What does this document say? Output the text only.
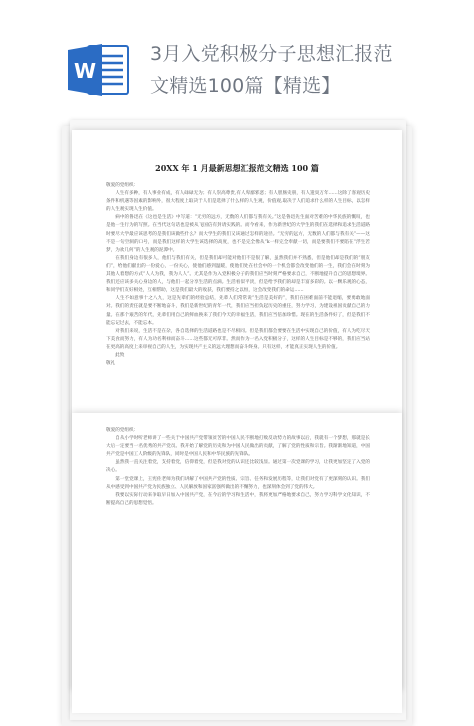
W
3月入党积极分子思想汇报范
文精选100篇【精选】
20XX 年 1 月最新思想汇报范文精选 100 篇

敬爱的党组织：

人生有多种，有人事业有成，有人碌碌无为；有人崇高尊贵,有人卑鄙邪恶；有人胆肠史册，有人遗臭万年……这除了客观历史条件和机遇等因素的影响外，很大程度上取决于人们是选择了什么样的人生观，价值观,取决于人们追求什么样的人生目标，以怎样的人生观实现人生价值。

病中的鲁迅在《这也是生活》中写道：“无穷的远方，无数的人们都与我有关。”这是鲁迅先生面对苦难的中华民族的慨叹，也是他一生行为的写照。在当代这句话也是被从飞国信有封请实践的。而今看来，作为新世纪的大学生的我们在选择和追求生活道路时要尽大学最应该思考的是我们该做些什么？而大学生的我们又该通过怎样的途径。“无穷的远方，无数的人们都与我有关”——这不是一句空洞的口号，而是我们这样的大学生该选择的高度，也不是完全像从“k一样完全奉献一切，而是要我们不要陷在“浮生若梦，为欢几何”的人生观的泥潭中。

在我们身边有很多人，他们与我们有关，但是我们却可能对他们不是很了解，虽然我们并不熟悉，但是他们却是我们的“朋友们”，给他们献出的一份爱心，一份关心，使他们感到温暖，使他们处在社会中的一个机会都会改变他们的一生，我们会在时刻为其他人着想的方式“人人为我，我为人人”。尤其是作为入党积极分子的我们应当时刻严格要求自己，不断地提升自己的思想境界。我们还应该多关心身边的人，与他们一起分享生活的点滴。生活看似平淡，但是给予我们的却是丰富多彩的。以一颗乐观的心态，和同学们友好相处，互相帮助，这是我们最大的收获，我们要持之以恒，这会改变我们的命运……

人生不如意事十之八九，这是先辈们的经验总结，先辈人们常常说“生活是美好的”，我们在困难面前不能退缩，要勇敢地面对。我们的责任就是要不断地奋斗，我们是新世纪的青年一代，我们应当担负起历史的重任，努力学习，为建设祖国贡献自己的力量。在那个艰苦的年代，先辈们用自己的鲜血换来了我们今天的幸福生活，我们应当倍加珍惜。现在的生活条件好了，但是我们不能忘记过去，不能忘本。

对我们来说，生活不是在杂，各自选择的生活道路也是不尽相同。但是我们都会要要在生活中实现自己的价值，有人为吃尽天下美食而努力，有人为功名利禄而奋斗……这些都无可厚非。然而作为一名入党积极分子，这样的人生目标是不够的，我们应当站在更高的高度上来审视自己的人生，为实现共产主义的远大理想而奋斗终身。只有这样，才能真正实现人生的价值。

此致

敬礼

敬爱的党组织：

自从小学时听老师讲了一些关于中国共产党带领贫苦的中国人民不断地打败反动势力的故事以后，我就有一个梦想，那就是长大后一定要当一名优秀的共产党员。我开始了解党的历史和为中国人民做出的贡献，了解了党的性质和宗旨。我渐渐地知道，中国共产党是中国工人阶级的先锋队，同时是中国人民和中华民族的先锋队。

虽然我一直关注着党，支持着党，信仰着党，但是我对党的认识还比较浅显。通过第一次党课的学习，让我更加坚定了入党的决心。

第一堂党课上，王宪佐老师为我们讲解了中国共产党的性质、宗旨、任务和发展历程等，让我们对党有了更深刻的认识。我们从中感受到中国共产党为民族独立、人民解放和国家富强所做出的不懈努力，也深刻体会到了党的伟大。

我要以实际行动来争取早日加入中国共产党，在今后的学习和生活中，我将更加严格地要求自己，努力学习科学文化知识，不断提高自己的思想觉悟。
